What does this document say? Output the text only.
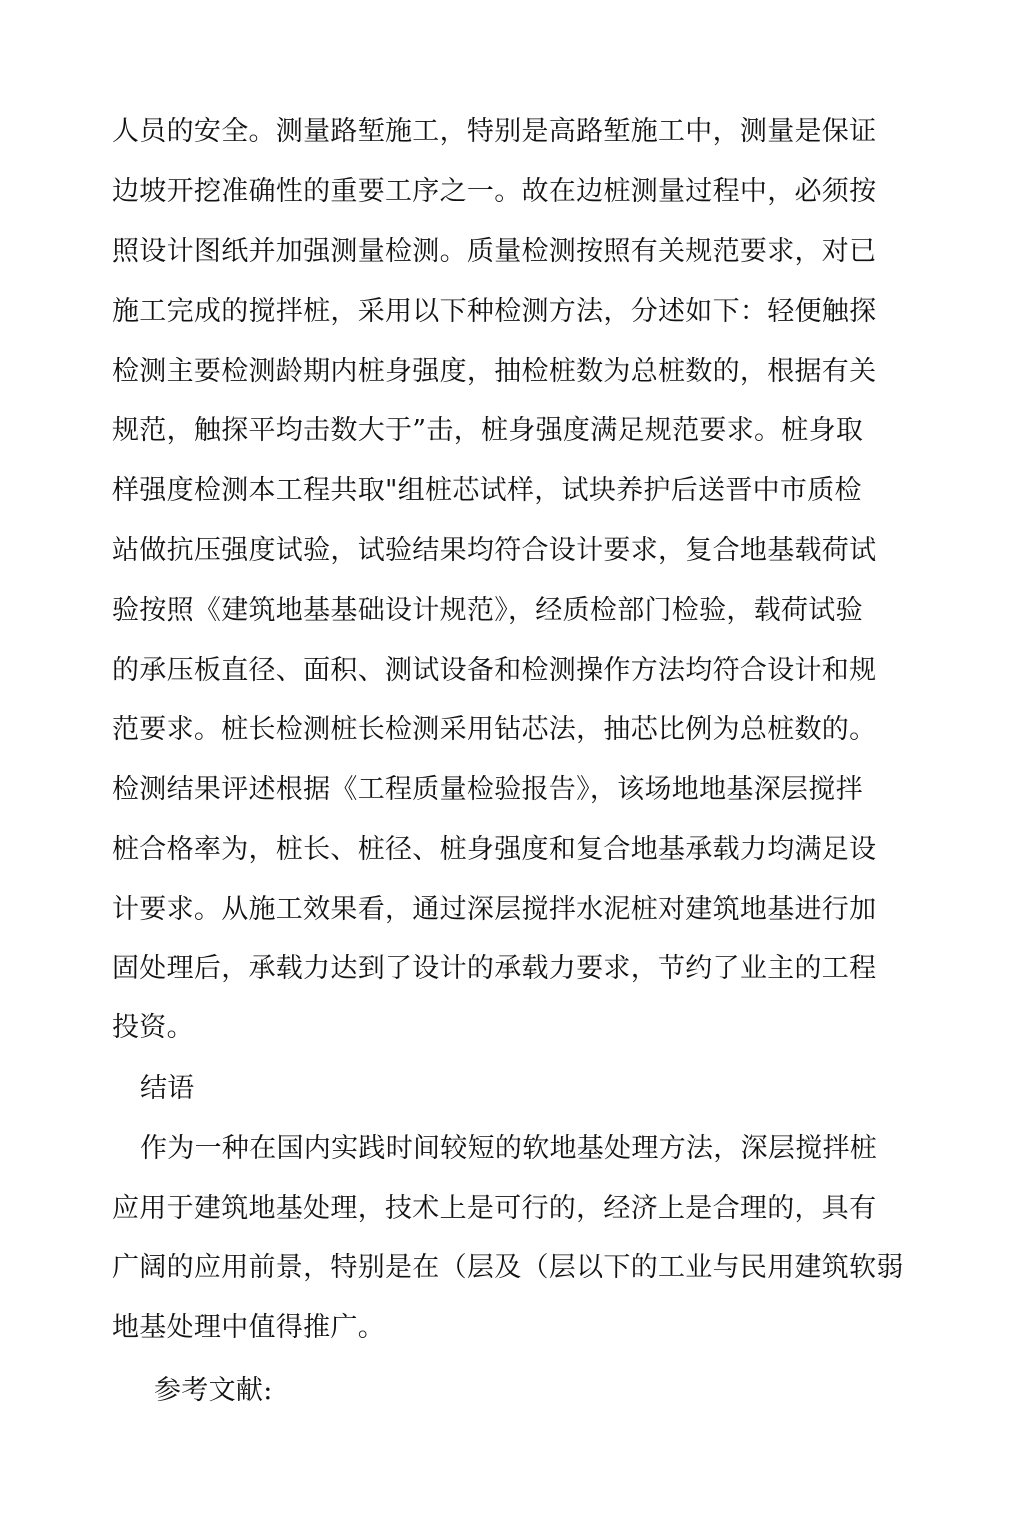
人员的安全。测量路堑施工，特别是高路堑施工中，测量是保证
边坡开挖准确性的重要工序之一。故在边桩测量过程中，必须按
照设计图纸并加强测量检测。质量检测按照有关规范要求，对已
施工完成的搅拌桩，采用以下种检测方法，分述如下：轻便触探
检测主要检测龄期内桩身强度，抽检桩数为总桩数的，根据有关
规范，触探平均击数大于”击，桩身强度满足规范要求。桩身取
样强度检测本工程共取"组桩芯试样，试块养护后送晋中市质检
站做抗压强度试验，试验结果均符合设计要求，复合地基载荷试
验按照《建筑地基基础设计规范》，经质检部门检验，载荷试验
的承压板直径、面积、测试设备和检测操作方法均符合设计和规
范要求。桩长检测桩长检测采用钻芯法，抽芯比例为总桩数的。
检测结果评述根据《工程质量检验报告》，该场地地基深层搅拌
桩合格率为，桩长、桩径、桩身强度和复合地基承载力均满足设
计要求。从施工效果看，通过深层搅拌水泥桩对建筑地基进行加
固处理后，承载力达到了设计的承载力要求，节约了业主的工程
投资。
结语
作为一种在国内实践时间较短的软地基处理方法，深层搅拌桩
应用于建筑地基处理，技术上是可行的，经济上是合理的，具有
广阔的应用前景，特别是在（层及（层以下的工业与民用建筑软弱
地基处理中值得推广。
参考文献:
